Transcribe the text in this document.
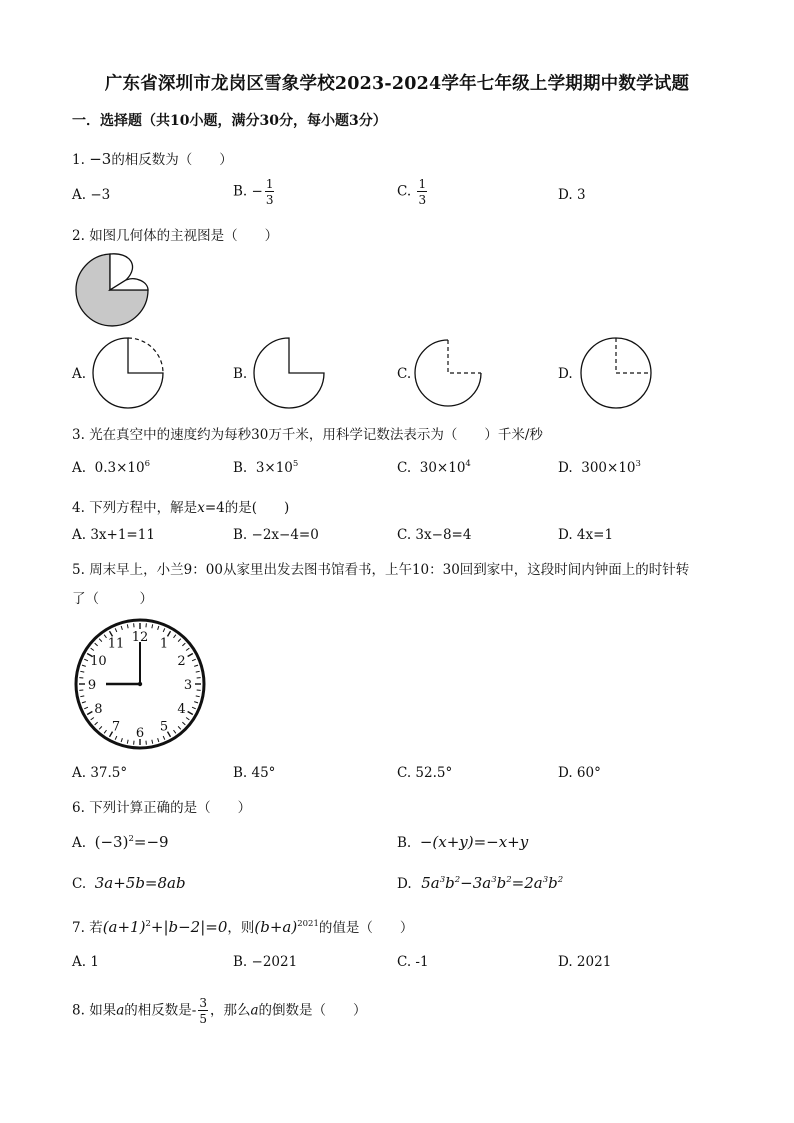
广东省深圳市龙岗区雪象学校2023-2024学年七年级上学期期中数学试题
一．选择题（共10小题，满分30分，每小题3分）
1. −3的相反数为（　　）
A. −3	B. − $\frac{1}{3}$	C. $\frac{1}{3}$	D. 3
2. 如图几何体的主视图是（　　）
A.	B.	C.	D.
3. 光在真空中的速度约为每秒30万千米，用科学记数法表示为（　　）千米/秒
A. $0.3\times 10^6$	B. $3\times 10^5$	C. $30\times 10^4$	D. $300\times 10^3$
4. 下列方程中，解是x=4的是(　　)
A. 3x+1=11	B. −2x−4=0	C. 3x−8=4	D. 4x=1
5. 周末早上，小兰9：00从家里出发去图书馆看书，上午10：30回到家中，这段时间内钟面上的时针转
了（　　　）
12 1
2
3
4
5
6
7
8
9
10
11
A. 37.5°	B. 45°	C. 52.5°	D. 60°
6. 下列计算正确的是（　　）
A. $(-3)^2=-9$	B. −(x+y)=−x+y
C. 3a+5b=8ab	D. $5a^3b^2-3a^3b^2=2a^3b^2$
7. 若$(a+1)^2+|b-2|=0$，则$(b+a)^{2021}$的值是（　　）
A. 1	B. −2021	C. -1	D. 2021
8. 如果a的相反数是- $\frac{3}{5}$ ，那么a的倒数是（　　）
